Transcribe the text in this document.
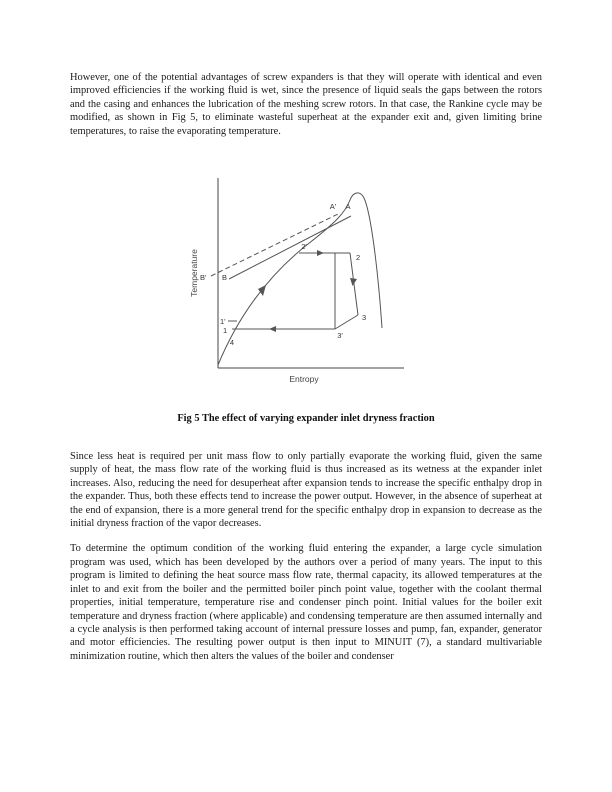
However, one of the potential advantages of screw expanders is that they will operate with identical and even improved efficiencies if the working fluid is wet, since the presence of liquid seals the gaps between the rotors and the casing and enhances the lubrication of the meshing screw rotors. In that case, the Rankine cycle may be modified, as shown in Fig 5, to eliminate wasteful superheat at the expander exit and, given limiting brine temperatures, to raise the evaporating temperature.

Temperature
Entropy
A' A
2'
2
B' B
1'
1
4
3'
3
Fig 5 The effect of varying expander inlet dryness fraction

Since less heat is required per unit mass flow to only partially evaporate the working fluid, given the same supply of heat, the mass flow rate of the working fluid is thus increased as its wetness at the expander inlet increases. Also, reducing the need for desuperheat after expansion tends to increase the specific enthalpy drop in the expander. Thus, both these effects tend to increase the power output. However, in the absence of superheat at the end of expansion, there is a more general trend for the specific enthalpy drop in expansion to decrease as the initial dryness fraction of the vapor decreases.

To determine the optimum condition of the working fluid entering the expander, a large cycle simulation program was used, which has been developed by the authors over a period of many years. The input to this program is limited to defining the heat source mass flow rate, thermal capacity, its allowed temperatures at the inlet to and exit from the boiler and the permitted boiler pinch point value, together with the coolant thermal properties, initial temperature, temperature rise and condenser pinch point. Initial values for the boiler exit temperature and dryness fraction (where applicable) and condensing temperature are then assumed internally and a cycle analysis is then performed taking account of internal pressure losses and pump, fan, expander, generator and motor efficiencies. The resulting power output is then input to MINUIT (7), a standard multivariable minimization routine, which then alters the values of the boiler and condenser
